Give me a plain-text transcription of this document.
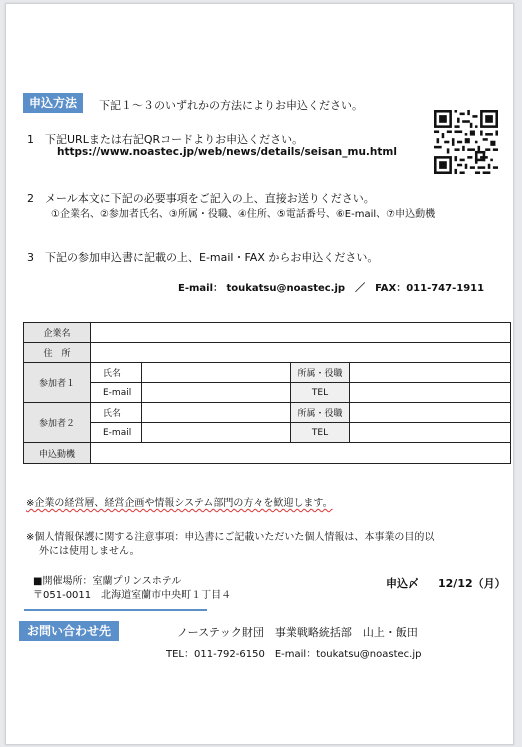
申込方法	下記１～３のいずれかの方法によりお申込ください。
1　下記URLまたは右記QRコードよりお申込ください。
https://www.noastec.jp/web/news/details/seisan_mu.html
2　メール本文に下記の必要事項をご記入の上、直接お送りください。
①企業名、②参加者氏名、③所属・役職、④住所、⑤電話番号、⑥E-mail、⑦申込動機
3　下記の参加申込書に記載の上、E-mail・FAX からお申込ください。
E-mail： toukatsu@noastec.jp　／　FAX：011-747-1911
企業名				
住　所				
参加者１	氏名		所属・役職	
	E-mail		TEL	
参加者２	氏名		所属・役職	
	E-mail		TEL	
申込動機				
※企業の経営層、経営企画や情報システム部門の方々を歓迎します。
※個人情報保護に関する注意事項：申込書にご記載いただいた個人情報は、本事業の目的以
外には使用しません。
■開催場所：室蘭プリンスホテル
〒051-0011　北海道室蘭市中央町１丁目４
申込〆 12/12（月）
お問い合わせ先	ノーステック財団　事業戦略統括部　山上・飯田
TEL：011-792-6150　E-mail：toukatsu@noastec.jp
